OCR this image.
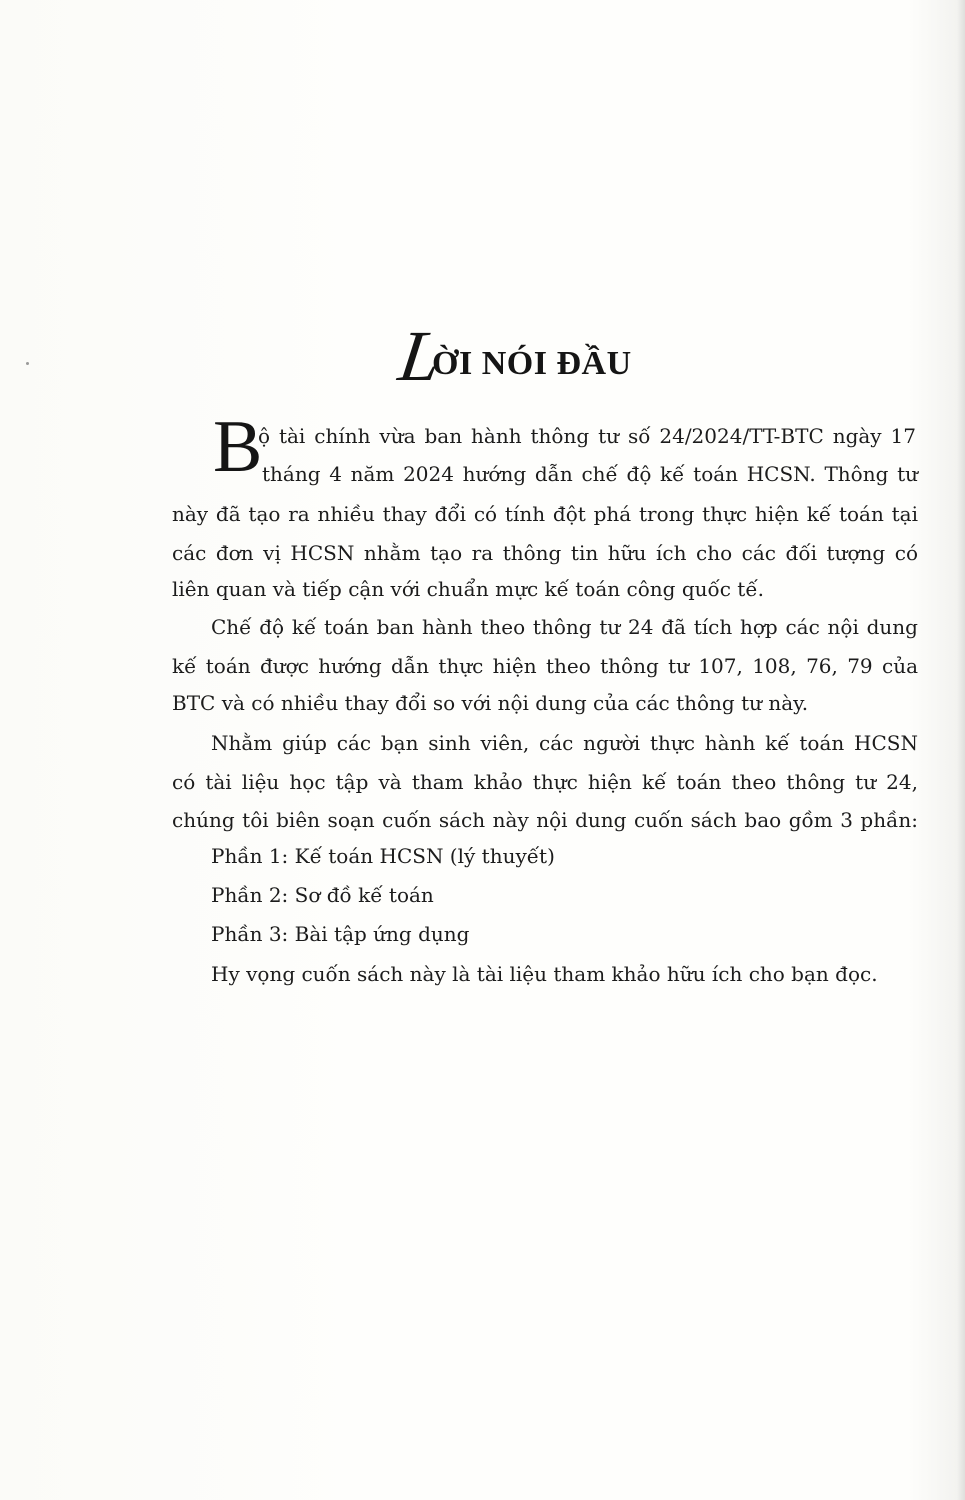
L
ỜI NÓI ĐẦU
B
ộ tài chính vừa ban hành thông tư số 24/2024/TT-BTC ngày 17
tháng 4 năm 2024 hướng dẫn chế độ kế toán HCSN. Thông tư
này đã tạo ra nhiều thay đổi có tính đột phá trong thực hiện kế toán tại
các đơn vị HCSN nhằm tạo ra thông tin hữu ích cho các đối tượng có
liên quan và tiếp cận với chuẩn mực kế toán công quốc tế.
Chế độ kế toán ban hành theo thông tư 24 đã tích hợp các nội dung
kế toán được hướng dẫn thực hiện theo thông tư 107, 108, 76, 79 của
BTC và có nhiều thay đổi so với nội dung của các thông tư này.
Nhằm giúp các bạn sinh viên, các người thực hành kế toán HCSN
có tài liệu học tập và tham khảo thực hiện kế toán theo thông tư 24,
chúng tôi biên soạn cuốn sách này nội dung cuốn sách bao gồm 3 phần:
Phần 1: Kế toán HCSN (lý thuyết)
Phần 2: Sơ đồ kế toán
Phần 3: Bài tập ứng dụng
Hy vọng cuốn sách này là tài liệu tham khảo hữu ích cho bạn đọc.
